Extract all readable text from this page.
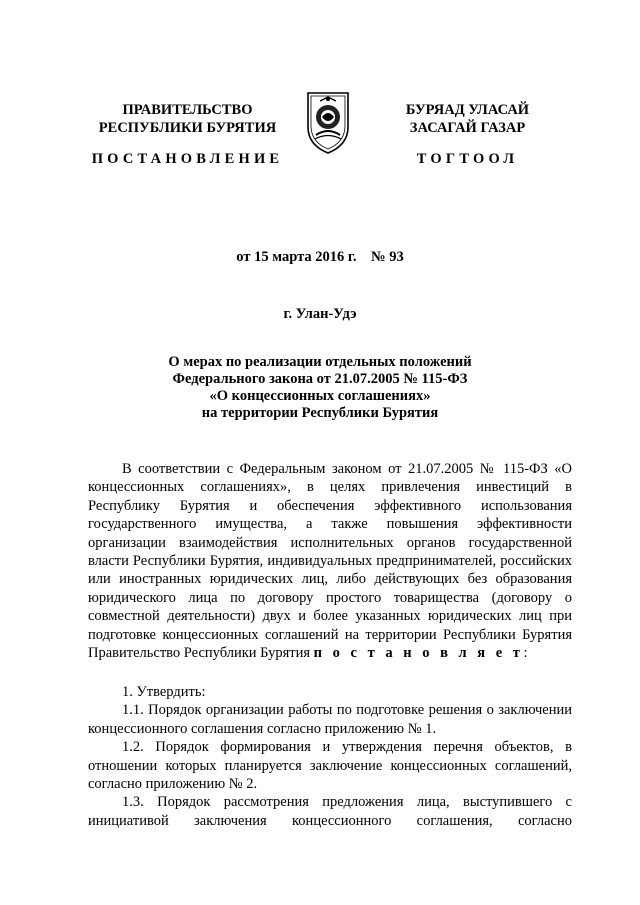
ПРАВИТЕЛЬСТВО
РЕСПУБЛИКИ БУРЯТИЯ
ПОСТАНОВЛЕНИЕ
БУРЯАД УЛАСАЙ
ЗАСАГАЙ ГАЗАР
ТОГТООЛ
от 15 марта 2016 г.    № 93
г. Улан-Удэ
О мерах по реализации отдельных положений
Федерального закона от 21.07.2005 № 115-ФЗ
«О концессионных соглашениях»
на территории Республики Бурятия

В соответствии с Федеральным законом от 21.07.2005 № 115-ФЗ «О концессионных соглашениях», в целях привлечения инвестиций в Республику Бурятия и обеспечения эффективного использования государственного имущества, а также повышения эффективности организации взаимодействия исполнительных органов государственной власти Республики Бурятия, индивидуальных предпринимателей, российских или иностранных юридических лиц, либо действующих без образования юридического лица по договору простого товарищества (договору о совместной деятельности) двух и более указанных юридических лиц при подготовке концессионных соглашений на территории Республики Бурятия Правительство Республики Бурятия п о с т а н о в л я е т:

1. Утвердить:

1.1. Порядок организации работы по подготовке решения о заключении концессионного соглашения согласно приложению № 1.

1.2. Порядок формирования и утверждения перечня объектов, в отношении которых планируется заключение концессионных соглашений, согласно приложению № 2.

1.3. Порядок рассмотрения предложения лица, выступившего с инициативой заключения концессионного соглашения, согласно
